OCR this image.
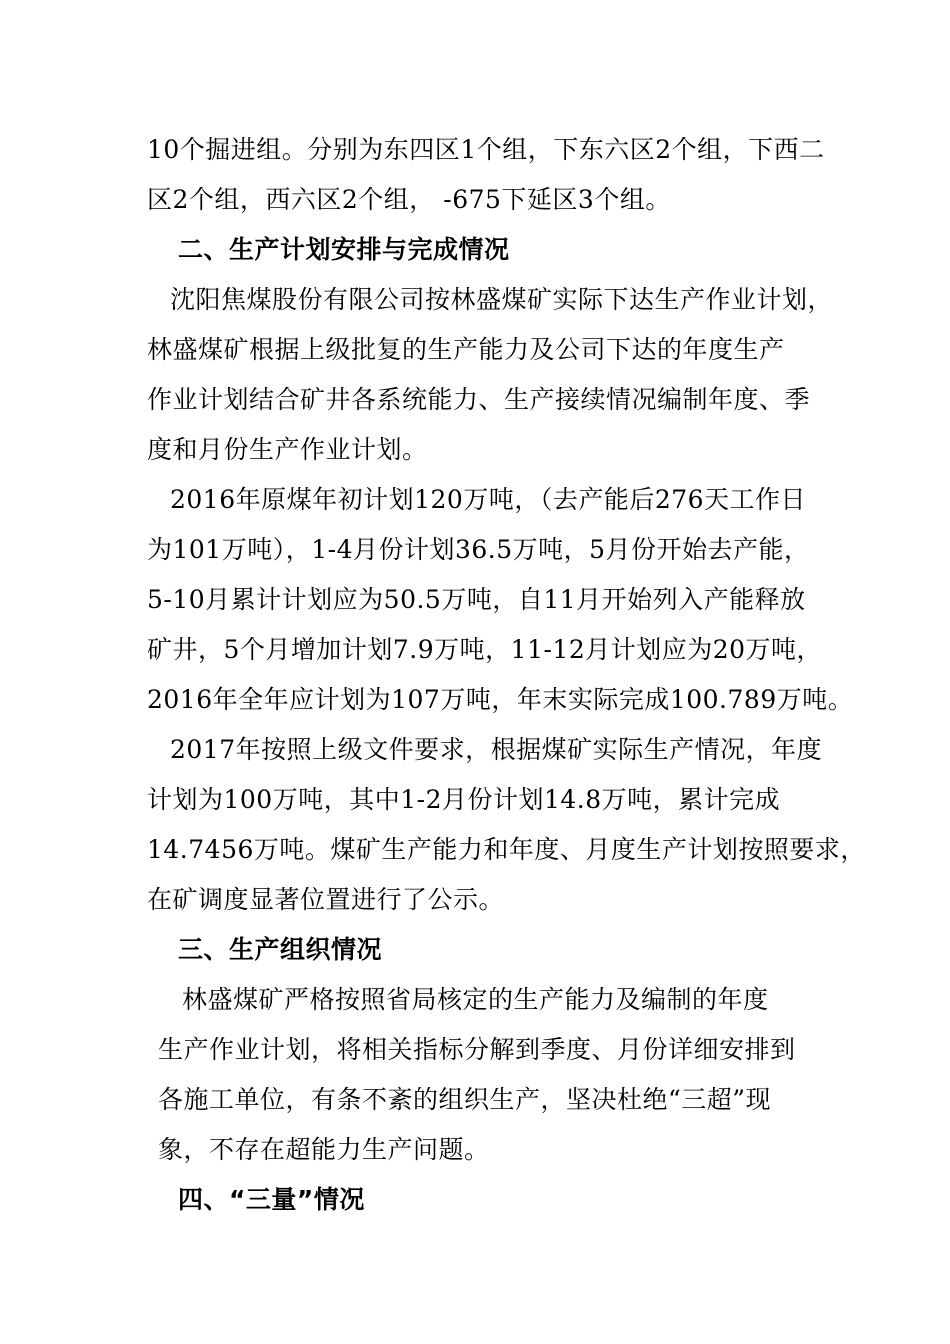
10个掘进组。分别为东四区1个组，下东六区2个组，下西二
区2个组，西六区2个组， -675下延区3个组。
二、生产计划安排与完成情况
沈阳焦煤股份有限公司按林盛煤矿实际下达生产作业计划，
林盛煤矿根据上级批复的生产能力及公司下达的年度生产
作业计划结合矿井各系统能力、生产接续情况编制年度、季
度和月份生产作业计划。
2016年原煤年初计划120万吨，（去产能后276天工作日
为101万吨），1-4月份计划36.5万吨，5月份开始去产能，
5-10月累计计划应为50.5万吨，自11月开始列入产能释放
矿井，5个月增加计划7.9万吨，11-12月计划应为20万吨，
2016年全年应计划为107万吨，年末实际完成100.789万吨。
2017年按照上级文件要求，根据煤矿实际生产情况，年度
计划为100万吨，其中1-2月份计划14.8万吨，累计完成
14.7456万吨。煤矿生产能力和年度、月度生产计划按照要求，
在矿调度显著位置进行了公示。
三、生产组织情况
林盛煤矿严格按照省局核定的生产能力及编制的年度
生产作业计划，将相关指标分解到季度、月份详细安排到
各施工单位，有条不紊的组织生产，坚决杜绝“三超”现
象，不存在超能力生产问题。
四、“三量”情况
